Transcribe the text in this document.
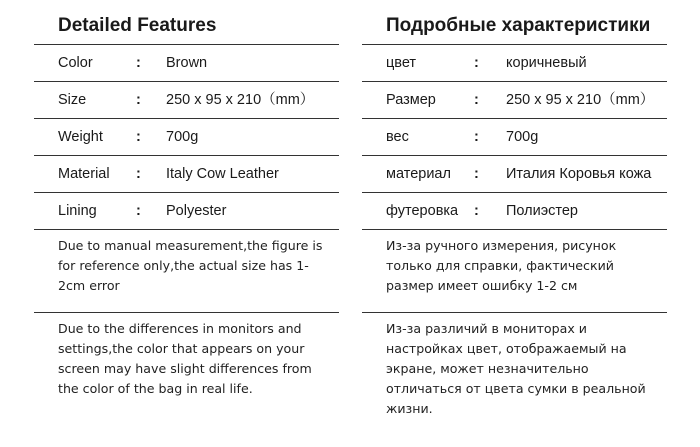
Detailed Features
Color	: Brown
Size	: 250 x 95 x 210（mm）
Weight : 700g
Material : Italy Cow Leather
Lining	: Polyester
Due to manual measurement,the figure is for reference only,the actual size has 1-2cm error
Due to the differences in monitors and settings,the color that appears on your screen may have slight differences from the color of the bag in real life.
Подробные характеристики
цвет	: коричневый
Размер	: 250 x 95 x 210（mm）
вес	: 700g
материал : Италия Коровья кожа
футеровка : Полиэстер
Из-за ручного измерения, рисунок только для справки, фактический размер имеет ошибку 1-2 см
Из-за различий в мониторах и настройках цвет, отображаемый на экране, может незначительно отличаться от цвета сумки в реальной жизни.
